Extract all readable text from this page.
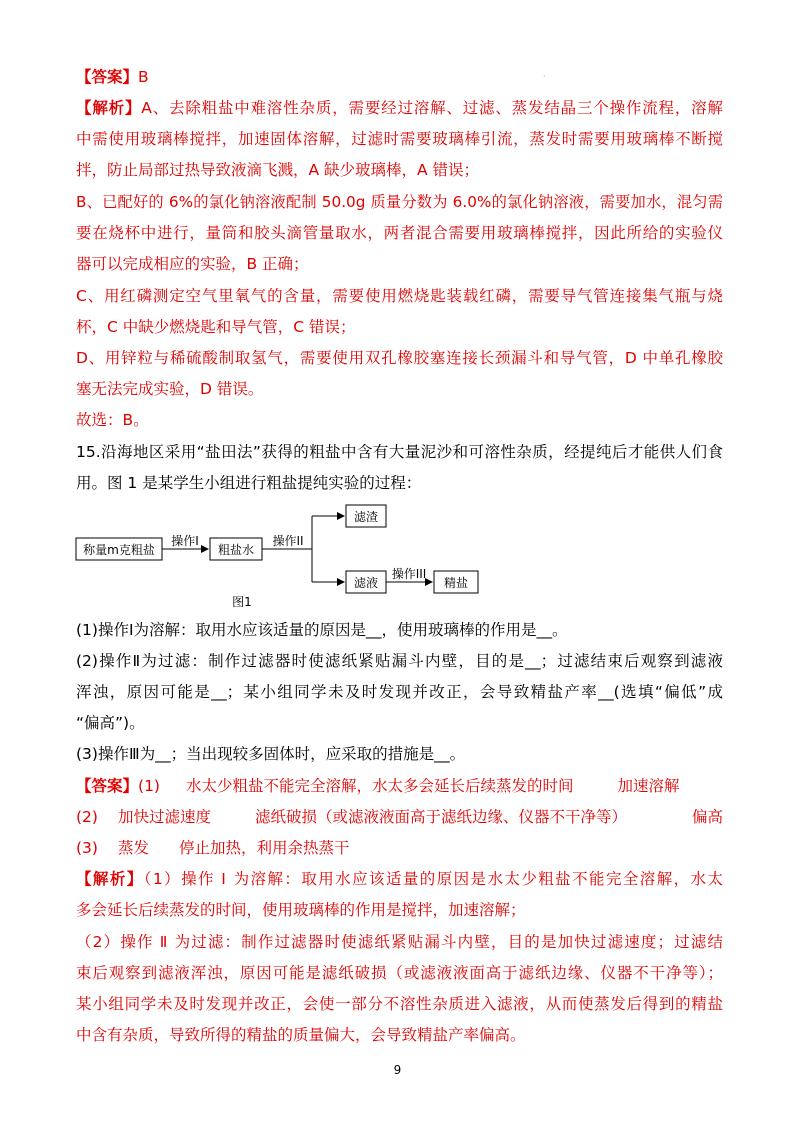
·
【答案】B
【解析】A、去除粗盐中难溶性杂质，需要经过溶解、过滤、蒸发结晶三个操作流程，溶解
中需使用玻璃棒搅拌，加速固体溶解，过滤时需要玻璃棒引流，蒸发时需要用玻璃棒不断搅
拌，防止局部过热导致液滴飞溅，A 缺少玻璃棒，A 错误；
B、已配好的 6%的氯化钠溶液配制 50.0g 质量分数为 6.0%的氯化钠溶液，需要加水，混匀需
要在烧杯中进行，量筒和胶头滴管量取水，两者混合需要用玻璃棒搅拌，因此所给的实验仪
器可以完成相应的实验，B 正确；
C、用红磷测定空气里氧气的含量，需要使用燃烧匙装载红磷，需要导气管连接集气瓶与烧
杯，C 中缺少燃烧匙和导气管，C 错误；
D、用锌粒与稀硫酸制取氢气，需要使用双孔橡胶塞连接长颈漏斗和导气管，D 中单孔橡胶
塞无法完成实验，D 错误。
故选：B。
15.沿海地区采用“盐田法”获得的粗盐中含有大量泥沙和可溶性杂质，经提纯后才能供人们食
用。图 1 是某学生小组进行粗盐提纯实验的过程：
称量m克粗盐
操作I
粗盐水
操作II
滤渣
滤液
操作III
精盐
图1
(1)操作Ⅰ为溶解：取用水应该适量的原因是__，使用玻璃棒的作用是__。
(2)操作Ⅱ为过滤：制作过滤器时使滤纸紧贴漏斗内壁，目的是__；过滤结束后观察到滤液
浑浊，原因可能是__；某小组同学未及时发现并改正，会导致精盐产率__(选填“偏低”成
“偏高”)。
(3)操作Ⅲ为__；当出现较多固体时，应采取的措施是__。
【答案】(1) 水太少粗盐不能完全溶解，水太多会延长后续蒸发的时间	加速溶解
(2) 加快过滤速度	滤纸破损（或滤液液面高于滤纸边缘、仪器不干净等）	偏高
(3) 蒸发 停止加热，利用余热蒸干
【解析】（1）操作 Ⅰ 为溶解：取用水应该适量的原因是水太少粗盐不能完全溶解，水太
多会延长后续蒸发的时间，使用玻璃棒的作用是搅拌，加速溶解；
（2）操作 Ⅱ 为过滤：制作过滤器时使滤纸紧贴漏斗内壁，目的是加快过滤速度；过滤结
束后观察到滤液浑浊，原因可能是滤纸破损（或滤液液面高于滤纸边缘、仪器不干净等）；
某小组同学未及时发现并改正，会使一部分不溶性杂质进入滤液，从而使蒸发后得到的精盐
中含有杂质，导致所得的精盐的质量偏大，会导致精盐产率偏高。
9
